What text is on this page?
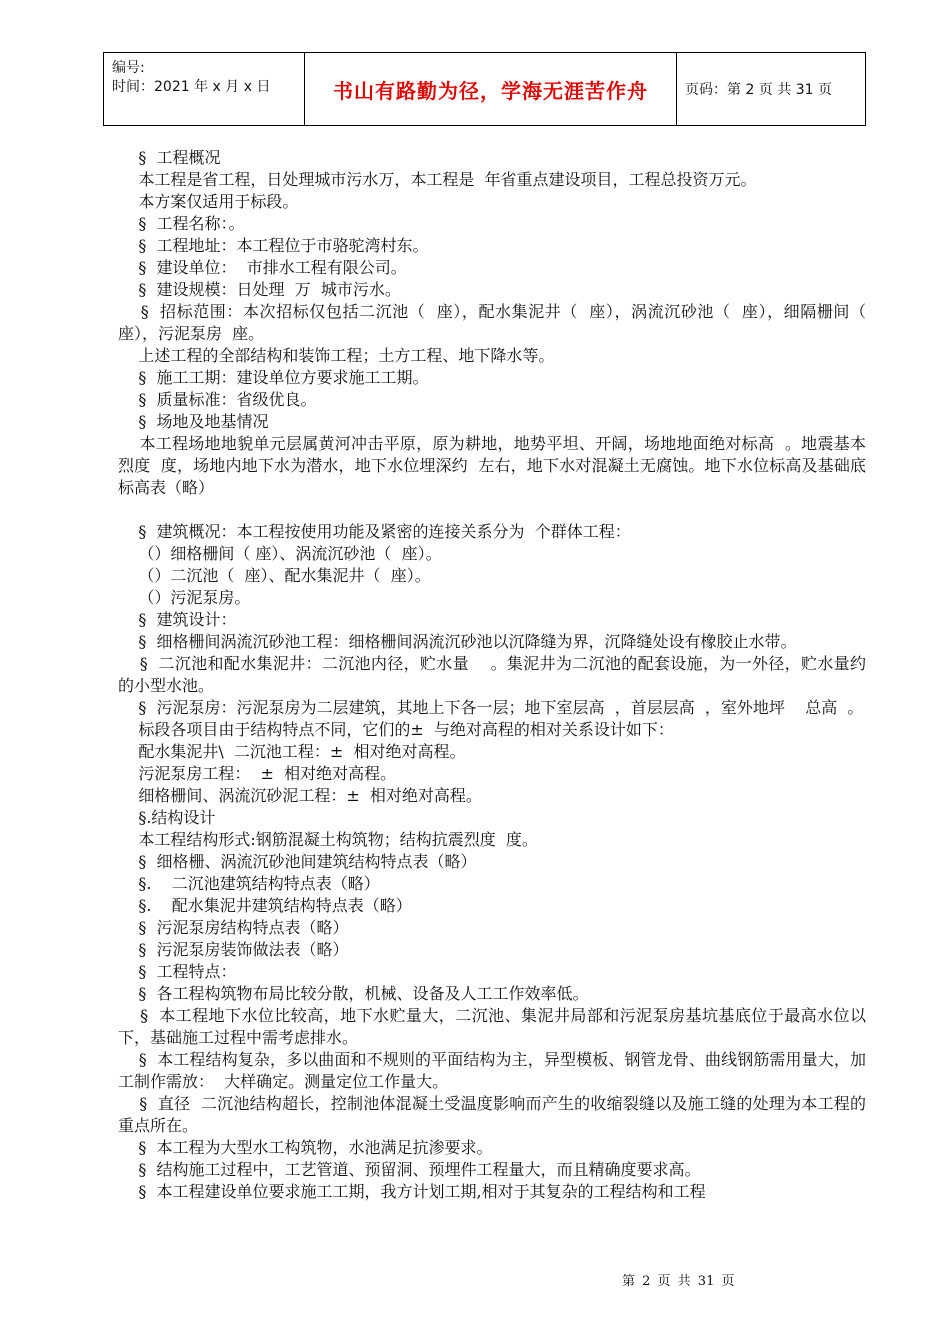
编号:
时间：2021 年 x 月 x 日	书山有路勤为径，学海无涯苦作舟	页码：第 2 页 共 31 页

§  工程概况

本工程是省工程，日处理城市污水万，本工程是  年省重点建设项目，工程总投资万元。

本方案仅适用于标段。

§  工程名称：。

§  工程地址：本工程位于市骆驼湾村东。

§  建设单位：  市排水工程有限公司。

§  建设规模：日处理  万  城市污水。

§  招标范围：本次招标仅包括二沉池（  座），配水集泥井（  座），涡流沉砂池（  座），细隔栅间（  座），污泥泵房  座。

上述工程的全部结构和装饰工程；土方工程、地下降水等。

§  施工工期：建设单位方要求施工工期。

§  质量标准：省级优良。

§  场地及地基情况

本工程场地地貌单元层属黄河冲击平原，原为耕地，地势平坦、开阔，场地地面绝对标高  。地震基本烈度  度，场地内地下水为潜水，地下水位埋深约  左右，地下水对混凝土无腐蚀。地下水位标高及基础底标高表（略）

§  建筑概况：本工程按使用功能及紧密的连接关系分为  个群体工程：

（）细格栅间（ 座）、涡流沉砂池（  座）。

（）二沉池（  座）、配水集泥井（  座）。

（）污泥泵房。

§  建筑设计：

§  细格栅间涡流沉砂池工程：细格栅间涡流沉砂池以沉降缝为界，沉降缝处设有橡胶止水带。

§  二沉池和配水集泥井：二沉池内径，贮水量    。集泥井为二沉池的配套设施，为一外径，贮水量约    的小型水池。

§  污泥泵房：污泥泵房为二层建筑，其地上下各一层；地下室层高  ，首层层高  ，室外地坪    总高  。

标段各项目由于结构特点不同，它们的±  与绝对高程的相对关系设计如下：

配水集泥井\  二沉池工程：±  相对绝对高程。

污泥泵房工程：  ±  相对绝对高程。

细格栅间、涡流沉砂泥工程：±  相对绝对高程。

§.结构设计

本工程结构形式:钢筋混凝土构筑物；结构抗震烈度  度。

§  细格栅、涡流沉砂池间建筑结构特点表（略）

§.    二沉池建筑结构特点表（略）

§.    配水集泥井建筑结构特点表（略）

§  污泥泵房结构特点表（略）

§  污泥泵房装饰做法表（略）

§  工程特点：

§  各工程构筑物布局比较分散，机械、设备及人工工作效率低。

§  本工程地下水位比较高，地下水贮量大，二沉池、集泥井局部和污泥泵房基坑基底位于最高水位以下，基础施工过程中需考虑排水。

§  本工程结构复杂，多以曲面和不规则的平面结构为主，异型模板、钢管龙骨、曲线钢筋需用量大，加工制作需放：  大样确定。测量定位工作量大。

§  直径  二沉池结构超长，控制池体混凝土受温度影响而产生的收缩裂缝以及施工缝的处理为本工程的重点所在。

§  本工程为大型水工构筑物，水池满足抗渗要求。

§  结构施工过程中，工艺管道、预留洞、预埋件工程量大，而且精确度要求高。

§  本工程建设单位要求施工工期，我方计划工期,相对于其复杂的工程结构和工程

第 2 页 共 31 页
